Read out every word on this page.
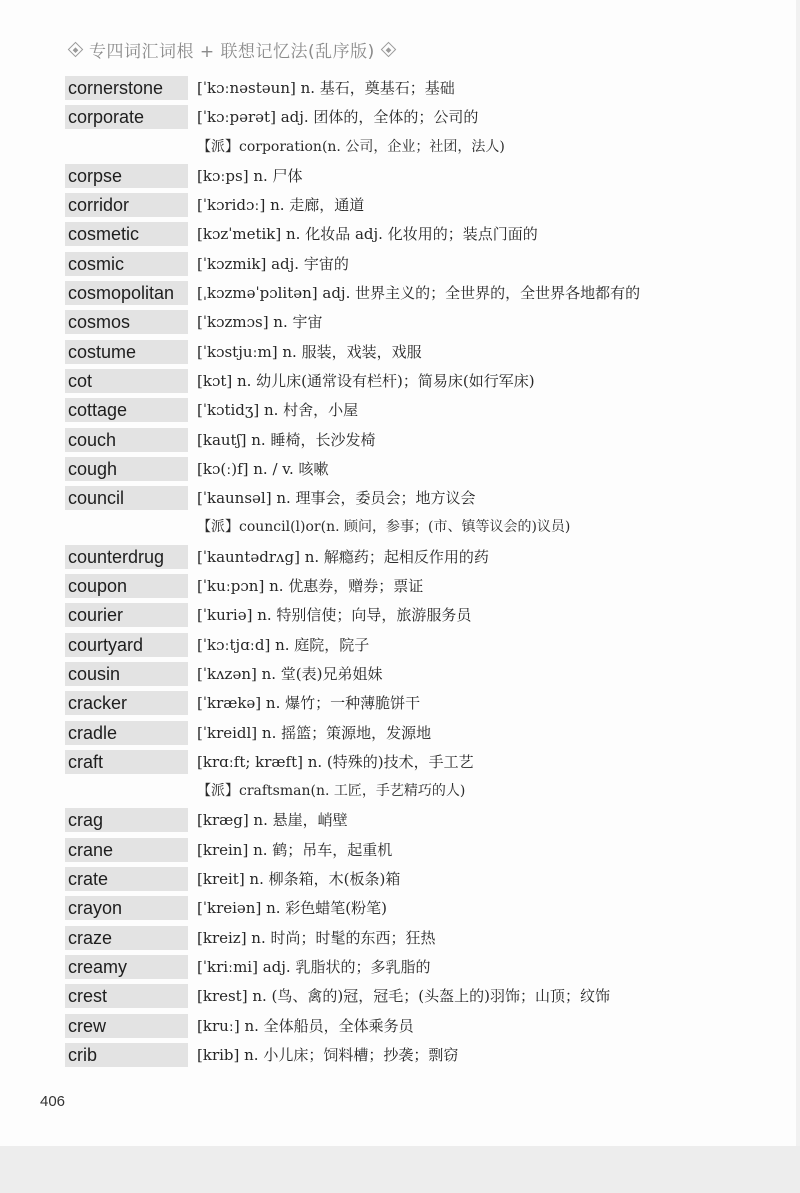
专四词汇词根 + 联想记忆法(乱序版)
cornerstone	[ˈkɔːnəstəun] n. 基石，奠基石；基础
corporate	[ˈkɔːpərət] adj. 团体的，全体的；公司的
【派】corporation(n. 公司，企业；社团，法人)
corpse	[kɔːps] n. 尸体
corridor	[ˈkɔridɔː] n. 走廊，通道
cosmetic	[kɔzˈmetik] n. 化妆品 adj. 化妆用的；装点门面的
cosmic	[ˈkɔzmik] adj. 宇宙的
cosmopolitan	[ˌkɔzməˈpɔlitən] adj. 世界主义的；全世界的，全世界各地都有的
cosmos	[ˈkɔzmɔs] n. 宇宙
costume	[ˈkɔstjuːm] n. 服装，戏装，戏服
cot	[kɔt] n. 幼儿床(通常设有栏杆)；简易床(如行军床)
cottage	[ˈkɔtidʒ] n. 村舍，小屋
couch	[kautʃ] n. 睡椅，长沙发椅
cough	[kɔ(ː)f] n. / v. 咳嗽
council	[ˈkaunsəl] n. 理事会，委员会；地方议会
【派】council(l)or(n. 顾问，参事；(市、镇等议会的)议员)
counterdrug	[ˈkauntədrʌg] n. 解瘾药；起相反作用的药
coupon	[ˈkuːpɔn] n. 优惠券，赠券；票证
courier	[ˈkuriə] n. 特别信使；向导，旅游服务员
courtyard	[ˈkɔːtjɑːd] n. 庭院，院子
cousin	[ˈkʌzən] n. 堂(表)兄弟姐妹
cracker	[ˈkrækə] n. 爆竹；一种薄脆饼干
cradle	[ˈkreidl] n. 摇篮；策源地，发源地
craft	[krɑːft; kræft] n. (特殊的)技术，手工艺
【派】craftsman(n. 工匠，手艺精巧的人)
crag	[kræg] n. 悬崖，峭壁
crane	[krein] n. 鹤；吊车，起重机
crate	[kreit] n. 柳条箱，木(板条)箱
crayon	[ˈkreiən] n. 彩色蜡笔(粉笔)
craze	[kreiz] n. 时尚；时髦的东西；狂热
creamy	[ˈkriːmi] adj. 乳脂状的；多乳脂的
crest	[krest] n. (鸟、禽的)冠，冠毛；(头盔上的)羽饰；山顶；纹饰
crew	[kruː] n. 全体船员，全体乘务员
crib	[krib] n. 小儿床；饲料槽；抄袭；剽窃
406
